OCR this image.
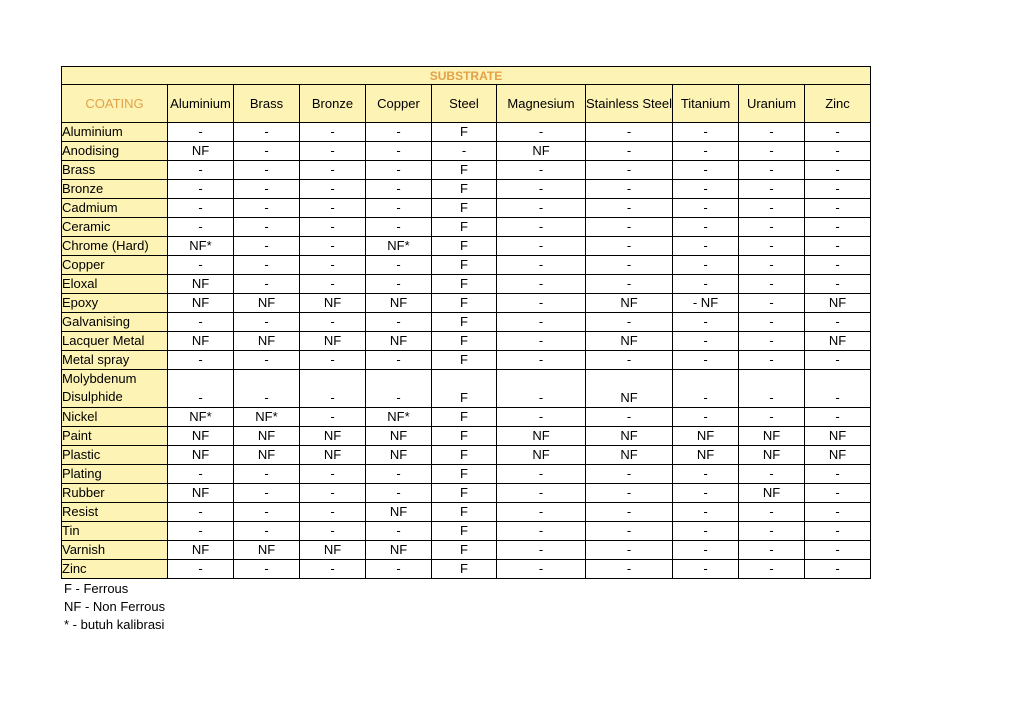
SUBSTRATE										
COATING	Aluminium	Brass	Bronze	Copper	Steel	Magnesium	Stainless Steel	Titanium	Uranium	Zinc
Aluminium	-	-	-	-	F	-	-	-	-	-
Anodising	NF	-	-	-	-	NF	-	-	-	-
Brass	-	-	-	-	F	-	-	-	-	-
Bronze	-	-	-	-	F	-	-	-	-	-
Cadmium	-	-	-	-	F	-	-	-	-	-
Ceramic	-	-	-	-	F	-	-	-	-	-
Chrome (Hard)	NF*	-	-	NF*	F	-	-	-	-	-
Copper	-	-	-	-	F	-	-	-	-	-
Eloxal	NF	-	-	-	F	-	-	-	-	-
Epoxy	NF	NF	NF	NF	F	-	NF	- NF	-	NF
Galvanising	-	-	-	-	F	-	-	-	-	-
Lacquer Metal	NF	NF	NF	NF	F	-	NF	-	-	NF
Metal spray	-	-	-	-	F	-	-	-	-	-
Molybdenum Disulphide	-	-	-	-	F	-	NF	-	-	-
Nickel	NF*	NF*	-	NF*	F	-	-	-	-	-
Paint	NF	NF	NF	NF	F	NF	NF	NF	NF	NF
Plastic	NF	NF	NF	NF	F	NF	NF	NF	NF	NF
Plating	-	-	-	-	F	-	-	-	-	-
Rubber	NF	-	-	-	F	-	-	-	NF	-
Resist	-	-	-	NF	F	-	-	-	-	-
Tin	-	-	-	-	F	-	-	-	-	-
Varnish	NF	NF	NF	NF	F	-	-	-	-	-
Zinc	-	-	-	-	F	-	-	-	-	-
F - Ferrous
NF - Non Ferrous
* - butuh kalibrasi
